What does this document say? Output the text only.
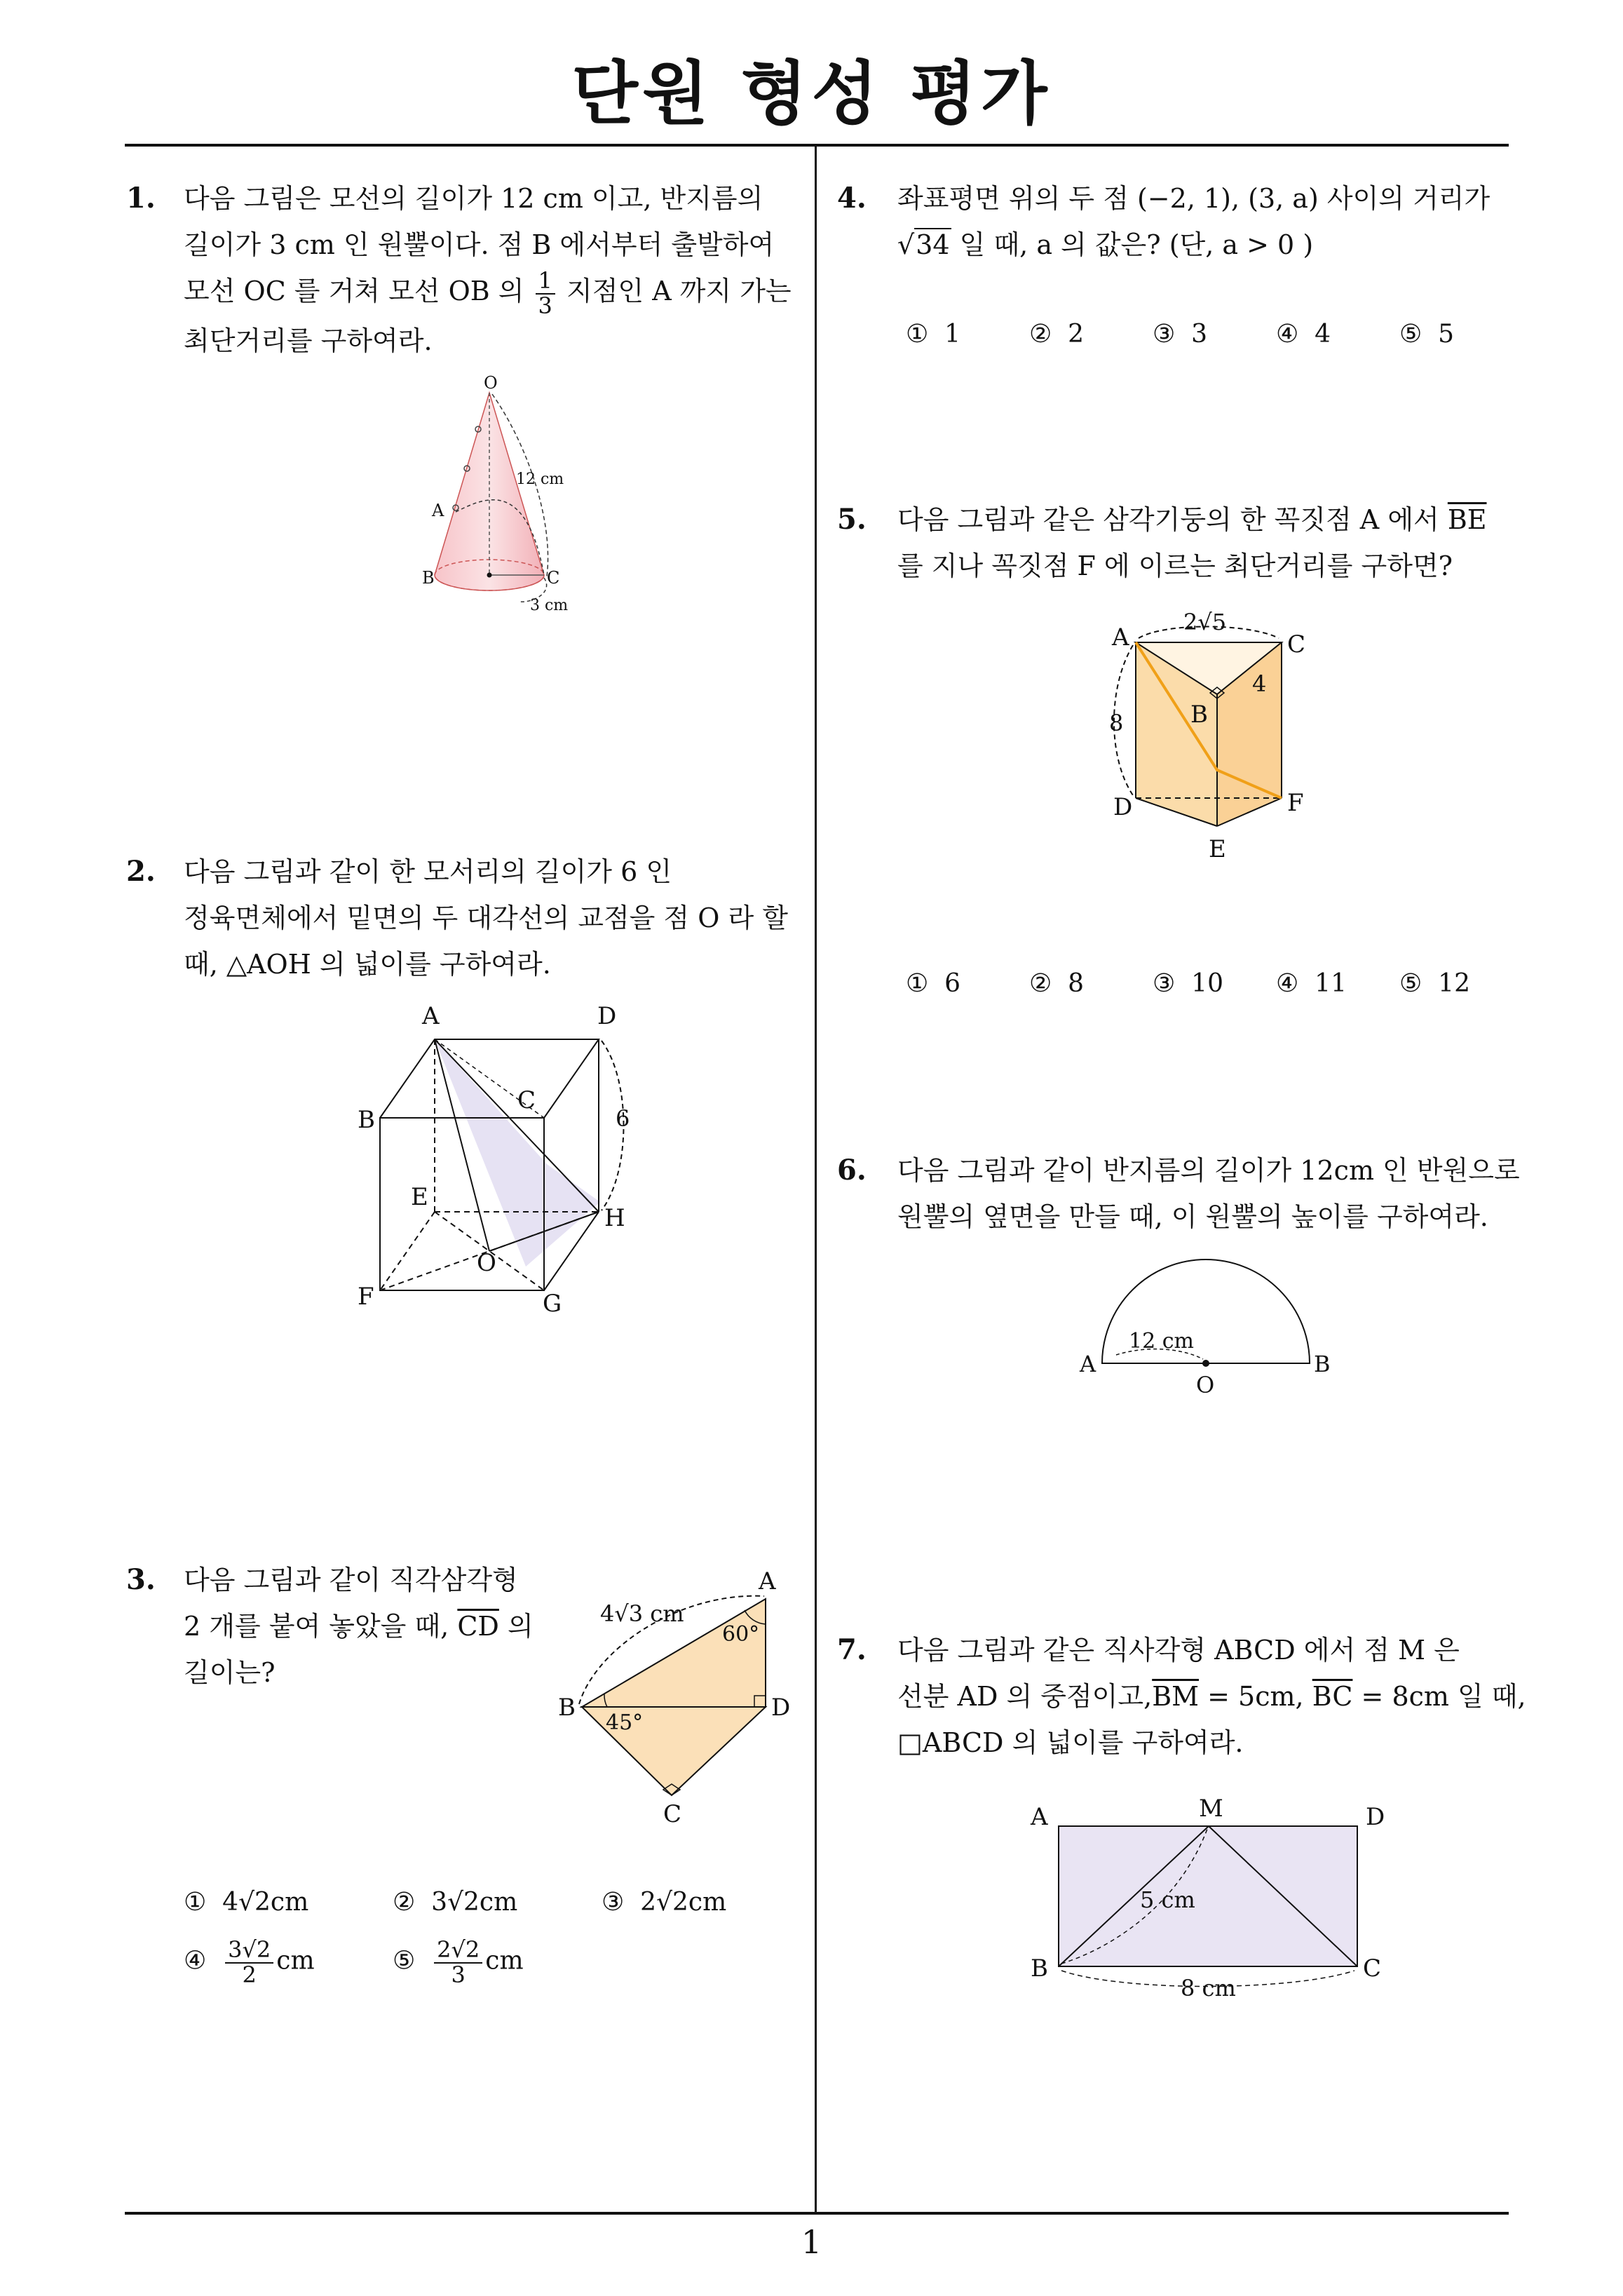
단원 형성 평가
1
1. 다음 그림은 모선의 길이가 12 cm 이고, 반지름의
길이가 3 cm 인 원뿔이다. 점 B 에서부터 출발하여
모선 OC 를 거쳐 모선 OB 의 $\frac{1}{3}$ 지점인 A 까지 가는
최단거리를 구하여라.
O
A
B	C
12 cm
3 cm
2. 다음 그림과 같이 한 모서리의 길이가 6 인
정육면체에서 밑면의 두 대각선의 교점을 점 O 라 할
때, △AOH 의 넓이를 구하여라.
A	D
B
C
E
H
O
F	G
6
3. 다음 그림과 같이 직각삼각형
2 개를 붙여 놓았을 때, $\overline{CD}$ 의
길이는?
A
B	D
C
4√3 cm
60°
45°
① 4√2cm	② 3√2cm	③ 2√2cm
④ $\frac{3√2}{2}$ cm	⑤ $\frac{2√2}{3}$ cm
4. 좌표평면 위의 두 점 (−2, 1), (3, a) 사이의 거리가
√34 일 때, a 의 값은? (단, a > 0 )
① 1	② 2	③ 3	④ 4	⑤ 5
5. 다음 그림과 같은 삼각기둥의 한 꼭짓점 A 에서 $\overline{BE}$
를 지나 꼭짓점 F 에 이르는 최단거리를 구하면?
A	C
B
D	F
E
2√5
4
8
① 6	② 8	③ 10 ④ 11 ⑤ 12
6. 다음 그림과 같이 반지름의 길이가 12cm 인 반원으로
원뿔의 옆면을 만들 때, 이 원뿔의 높이를 구하여라.
A	B
O
12 cm
7. 다음 그림과 같은 직사각형 ABCD 에서 점 M 은
선분 AD 의 중점이고$,\overline{BM} = 5cm$, $\overline{BC} = 8cm$ 일 때,
□ABCD 의 넓이를 구하여라.
A	M	D
B	C
5 cm
8 cm
